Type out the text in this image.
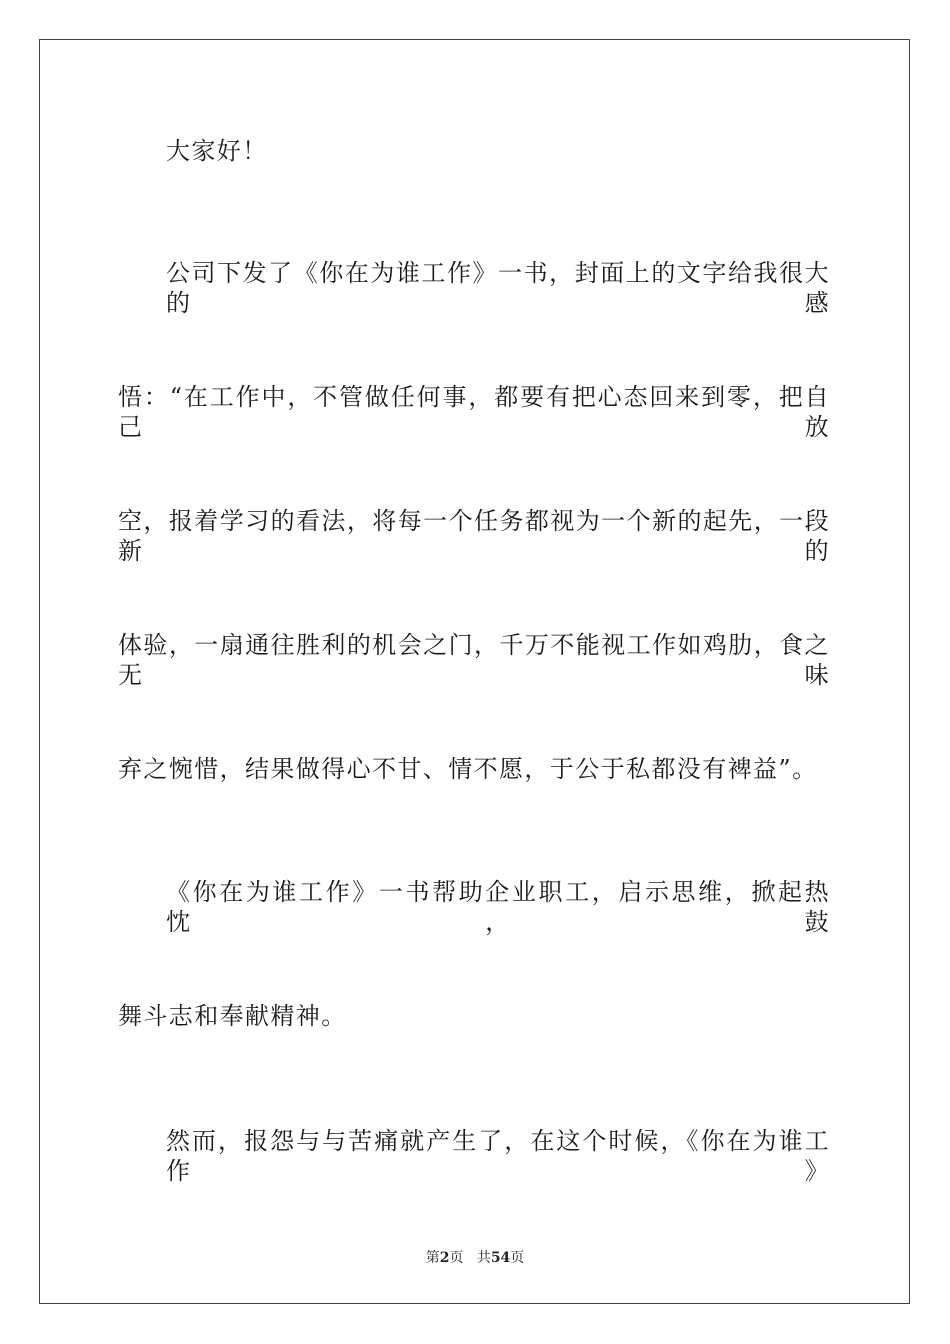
大家好！
公司下发了《你在为谁工作》一书，封面上的文字给我很大的感
悟：“在工作中，不管做任何事，都要有把心态回来到零，把自己放
空，报着学习的看法，将每一个任务都视为一个新的起先，一段新的
体验，一扇通往胜利的机会之门，千万不能视工作如鸡肋，食之无味
弃之惋惜，结果做得心不甘、情不愿，于公于私都没有裨益”。
《你在为谁工作》一书帮助企业职工，启示思维，掀起热忱，鼓
舞斗志和奉献精神。
然而，报怨与与苦痛就产生了，在这个时候，《你在为谁工作》
第2页 共54页
